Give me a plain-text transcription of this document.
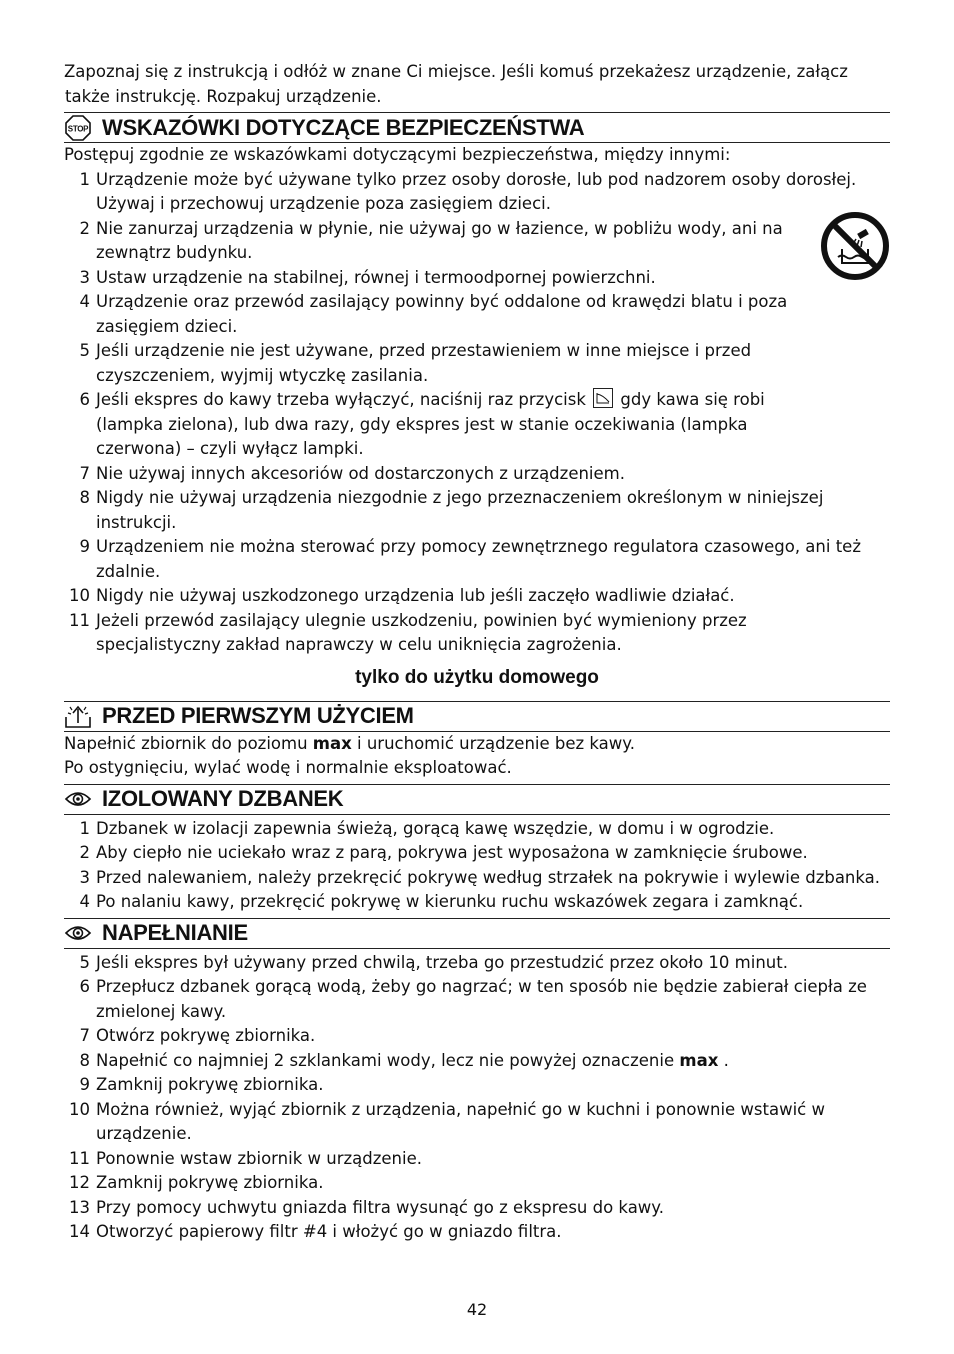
Zapoznaj się z instrukcją i odłóż w znane Ci miejsce. Jeśli komuś przekażesz urządzenie, załącz
także instrukcję. Rozpakuj urządzenie.
STOP WSKAZÓWKI DOTYCZĄCE BEZPIECZEŃSTWA
Postępuj zgodnie ze wskazówkami dotyczącymi bezpieczeństwa, między innymi:
1 Urządzenie może być używane tylko przez osoby dorosłe, lub pod nadzorem osoby dorosłej. Używaj i przechowuj urządzenie poza zasięgiem dzieci.
2 Nie zanurzaj urządzenia w płynie, nie używaj go w łazience, w pobliżu wody, ani na zewnątrz budynku.
3 Ustaw urządzenie na stabilnej, równej i termoodpornej powierzchni.
4 Urządzenie oraz przewód zasilający powinny być oddalone od krawędzi blatu i poza zasięgiem dzieci.
5 Jeśli urządzenie nie jest używane, przed przestawieniem w inne miejsce i przed czyszczeniem, wyjmij wtyczkę zasilania.
6 Jeśli ekspres do kawy trzeba wyłączyć, naciśnij raz przycisk gdy kawa się robi (lampka zielona), lub dwa razy, gdy ekspres jest w stanie oczekiwania (lampka czerwona) – czyli wyłącz lampki.
7 Nie używaj innych akcesoriów od dostarczonych z urządzeniem.
8 Nigdy nie używaj urządzenia niezgodnie z jego przeznaczeniem określonym w niniejszej instrukcji.
9 Urządzeniem nie można sterować przy pomocy zewnętrznego regulatora czasowego, ani też zdalnie.
10 Nigdy nie używaj uszkodzonego urządzenia lub jeśli zaczęło wadliwie działać.
11 Jeżeli przewód zasilający ulegnie uszkodzeniu, powinien być wymieniony przez specjalistyczny zakład naprawczy w celu uniknięcia zagrożenia.
tylko do użytku domowego
PRZED PIERWSZYM UŻYCIEM
Napełnić zbiornik do poziomu max i uruchomić urządzenie bez kawy.
Po ostygnięciu, wylać wodę i normalnie eksploatować.
IZOLOWANY DZBANEK
1 Dzbanek w izolacji zapewnia świeżą, gorącą kawę wszędzie, w domu i w ogrodzie.
2 Aby ciepło nie uciekało wraz z parą, pokrywa jest wyposażona w zamknięcie śrubowe.
3 Przed nalewaniem, należy przekręcić pokrywę według strzałek na pokrywie i wylewie dzbanka.
4 Po nalaniu kawy, przekręcić pokrywę w kierunku ruchu wskazówek zegara i zamknąć.
NAPEŁNIANIE
5 Jeśli ekspres był używany przed chwilą, trzeba go przestudzić przez około 10 minut.
6 Przepłucz dzbanek gorącą wodą, żeby go nagrzać; w ten sposób nie będzie zabierał ciepła ze zmielonej kawy.
7 Otwórz pokrywę zbiornika.
8 Napełnić co najmniej 2 szklankami wody, lecz nie powyżej oznaczenie max .
9 Zamknij pokrywę zbiornika.
10 Można również, wyjąć zbiornik z urządzenia, napełnić go w kuchni i ponownie wstawić w urządzenie.
11 Ponownie wstaw zbiornik w urządzenie.
12 Zamknij pokrywę zbiornika.
13 Przy pomocy uchwytu gniazda filtra wysunąć go z ekspresu do kawy.
14 Otworzyć papierowy filtr #4 i włożyć go w gniazdo filtra.
42
